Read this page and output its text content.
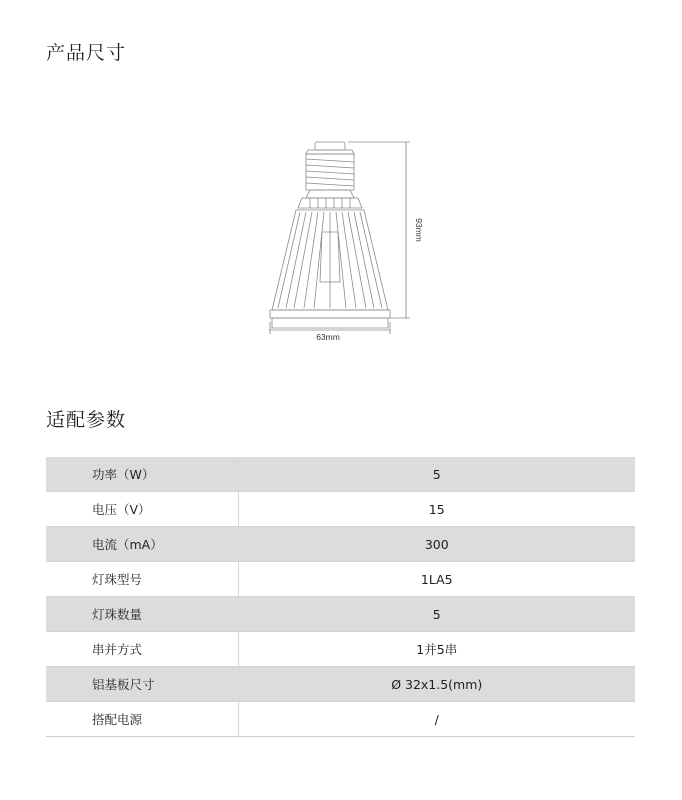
产品尺寸
93mm
63mm
适配参数
功率（W）	5
电压（V）	15
电流（mA）	300
灯珠型号	1LA5
灯珠数量	5
串并方式	1并5串
铝基板尺寸	Ø 32x1.5(mm)
搭配电源	/
